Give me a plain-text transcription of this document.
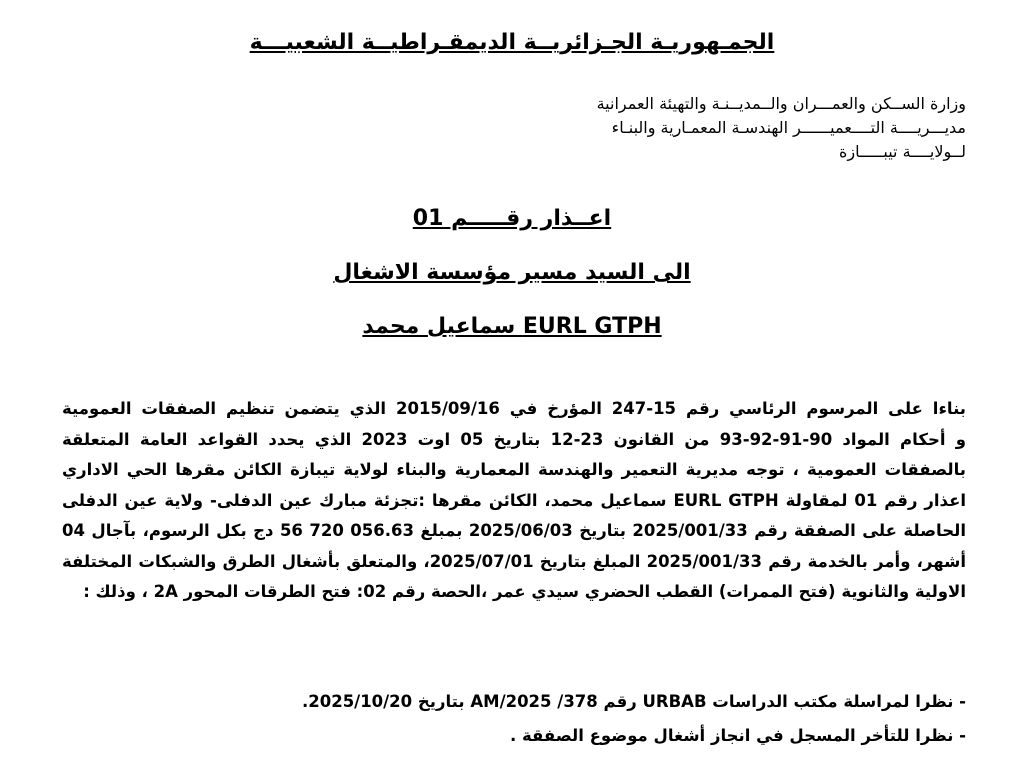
الجمـهوريـة الجـزائريــة الديمقـراطيــة الشعبيـــة
وزارة الســكن والعمـــران والــمديــنـة والتهيئة العمرانية
مديـــريــــة التــــعميــــــر الهندسـة المعمـارية والبنـاء
لــولايــــة تيبـــــازة
اعــذار رقـــــم 01
الى السيد مسير مؤسسة الاشغال
EURL GTPH سماعيل محمد
بناءا على المرسوم الرئاسي رقم 15-247 المؤرخ في 2015/09/16 الذي يتضمن تنظيم الصفقات العمومية
و أحكام المواد 90-91-92-93 من القانون 23-12 بتاريخ 05 اوت 2023 الذي يحدد القواعد العامة المتعلقة
بالصفقات العمومية ، توجه مديرية التعمير والهندسة المعمارية والبناء لولاية تيبازة الكائن مقرها الحي الاداري
اعذار رقم 01 لمقاولة EURL GTPH سماعيل محمد، الكائن مقرها :تجزئة مبارك عين الدفلى- ولاية عين الدفلى
الحاصلة على الصفقة رقم 2025/001/33 بتاريخ 2025/06/03 بمبلغ 056.63 720 56 دج بكل الرسوم، بآجال 04
أشهر، وأمر بالخدمة رقم 2025/001/33 المبلغ بتاريخ 2025/07/01، والمتعلق بأشغال الطرق والشبكات المختلفة
الاولية والثانوية (فتح الممرات) القطب الحضري سيدي عمر ،الحصة رقم 02: فتح الطرقات المحور 2A ، وذلك :
- نظرا لمراسلة مكتب الدراسات URBAB رقم 378/ 2025/AM بتاريخ 2025/10/20.
- نظرا للتأخر المسجل في انجاز أشغال موضوع الصفقة .
